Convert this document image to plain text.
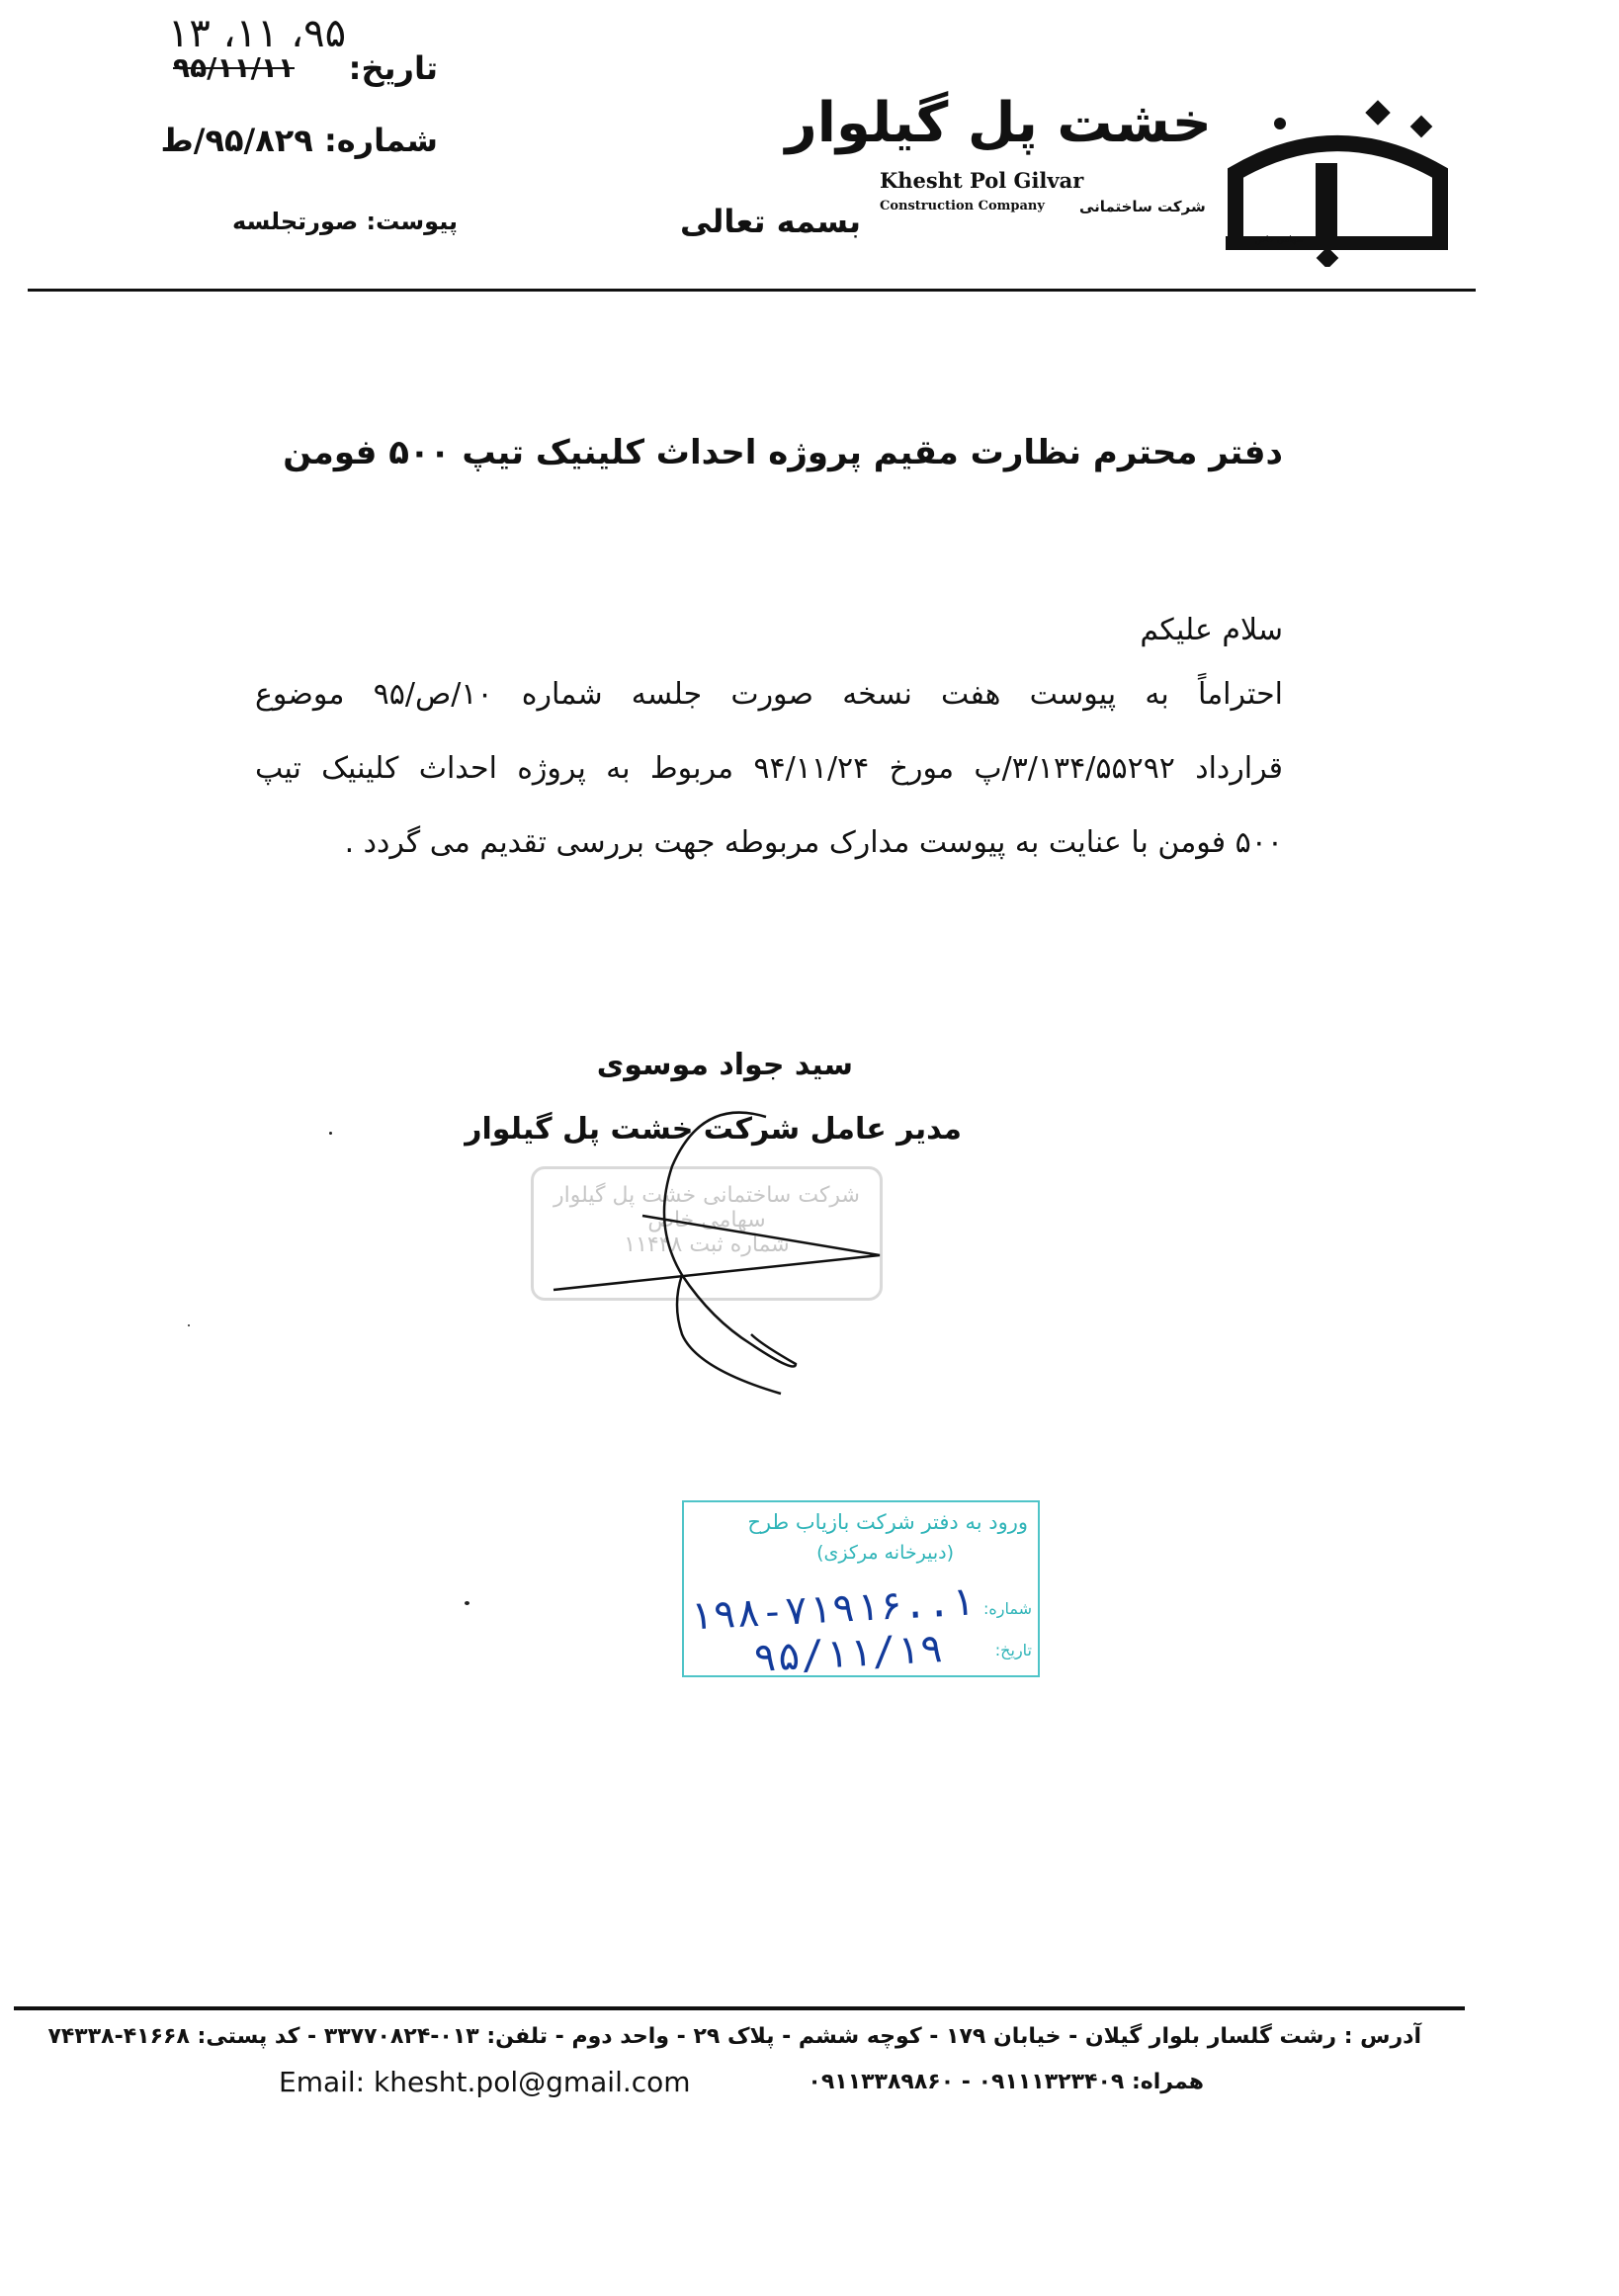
خشت پل گیلوار
Khesht Pol Gilvar
Construction Company شرکت ساختمانی
سهامی خاص
بسمه تعالی
تاریخ:
۹۵/۱۱/۱۱
۹۵، ۱۱، ۱۳
شماره: ۹۵/۸۲۹/ط
پیوست: صورتجلسه
دفتر محترم نظارت مقیم پروژه احداث کلینیک تیپ ۵۰۰ فومن
سلام علیکم
احتراماً به پیوست هفت نسخه صورت جلسه شماره ۱۰/ص/۹۵ موضوع
قرارداد ۳/۱۳۴/۵۵۲۹۲/پ مورخ ۹۴/۱۱/۲۴ مربوط به پروژه احداث کلینیک تیپ
۵۰۰ فومن با عنایت به پیوست مدارک مربوطه جهت بررسی تقدیم می گردد .
سید جواد موسوی
مدیر عامل شرکت خشت پل گیلوار
شرکت ساختمانی خشت پل گیلوار
سهامی خاص
شماره ثبت ۱۱۴۴۸
ورود به دفتر شرکت بازیاب طرح
(دبیرخانه مرکزی)
شماره:
۱..۱۹۸-۷۱۹۱۶
تاریخ:
۹۵/۱۱/۱۹
آدرس : رشت گلسار بلوار گیلان - خیابان ۱۷۹ - کوچه ششم - پلاک ۲۹ - واحد دوم - تلفن: ۰۱۳-۳۳۷۷۰۸۲۴ - کد پستی: ۴۱۶۶۸-۷۴۳۳۸
Email: khesht.pol@gmail.com	همراه: ۰۹۱۱۱۳۲۳۴۰۹ - ۰۹۱۱۳۳۸۹۸۶۰
